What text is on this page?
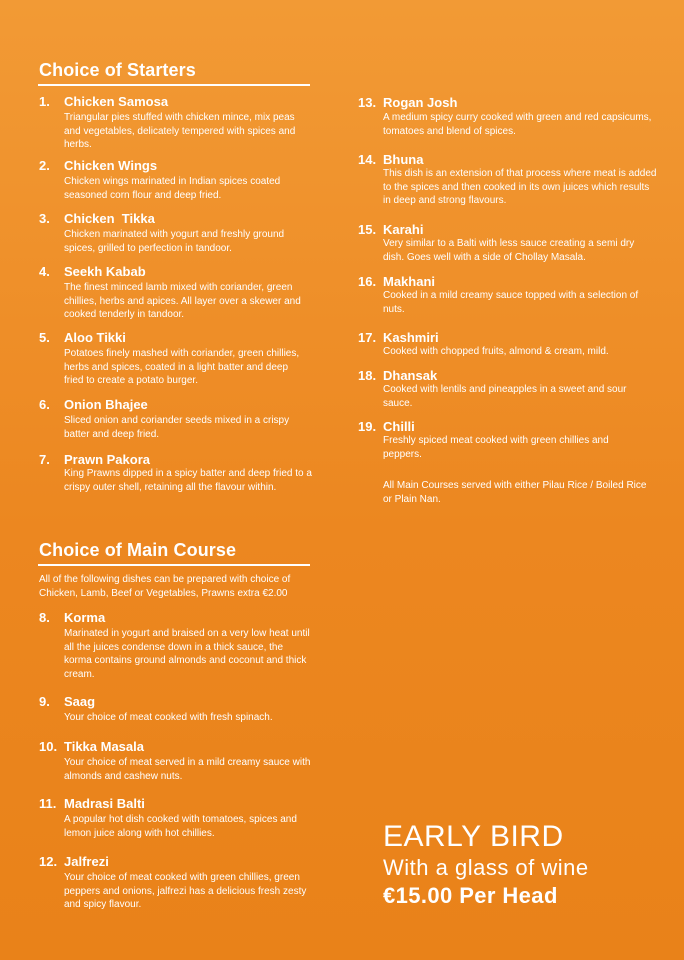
Choice of Starters
1. Chicken Samosa
Triangular pies stuffed with chicken mince, mix peas and vegetables, delicately tempered with spices and herbs.
2. Chicken Wings
Chicken wings marinated in Indian spices coated seasoned corn flour and deep fried.
3. Chicken  Tikka
Chicken marinated with yogurt and freshly ground spices, grilled to perfection in tandoor.
4. Seekh Kabab
The finest minced lamb mixed with coriander, green chillies, herbs and apices. All layer over a skewer and cooked tenderly in tandoor.
5. Aloo Tikki
Potatoes finely mashed with coriander, green chillies, herbs and spices, coated in a light batter and deep fried to create a potato burger.
6. Onion Bhajee
Sliced onion and coriander seeds mixed in a crispy batter and deep fried.
7. Prawn Pakora
King Prawns dipped in a spicy batter and deep fried to a crispy outer shell, retaining all the flavour within.
Choice of Main Course
All of the following dishes can be prepared with choice of Chicken, Lamb, Beef or Vegetables, Prawns extra €2.00
8. Korma
Marinated in yogurt and braised on a very low heat until all the juices condense down in a thick sauce, the korma contains ground almonds and coconut and thick cream.
9. Saag
Your choice of meat cooked with fresh spinach.
10. Tikka Masala
Your choice of meat served in a mild creamy sauce with almonds and cashew nuts.
11. Madrasi Balti
A popular hot dish cooked with tomatoes, spices and lemon juice along with hot chillies.
12. Jalfrezi
Your choice of meat cooked with green chillies, green peppers and onions, jalfrezi has a delicious fresh zesty and spicy flavour.
13. Rogan Josh
A medium spicy curry cooked with green and red capsicums, tomatoes and blend of spices.
14. Bhuna
This dish is an extension of that process where meat is added to the spices and then cooked in its own juices which results in deep and strong flavours.
15. Karahi
Very similar to a Balti with less sauce creating a semi dry dish. Goes well with a side of Chollay Masala.
16. Makhani
Cooked in a mild creamy sauce topped with a selection of nuts.
17. Kashmiri
Cooked with chopped fruits, almond & cream, mild.
18. Dhansak
Cooked with lentils and pineapples in a sweet and sour sauce.
19. Chilli
Freshly spiced meat cooked with green chillies and peppers.
All Main Courses served with either Pilau Rice / Boiled Rice or Plain Nan.
EARLY BIRD
With a glass of wine
€15.00 Per Head
